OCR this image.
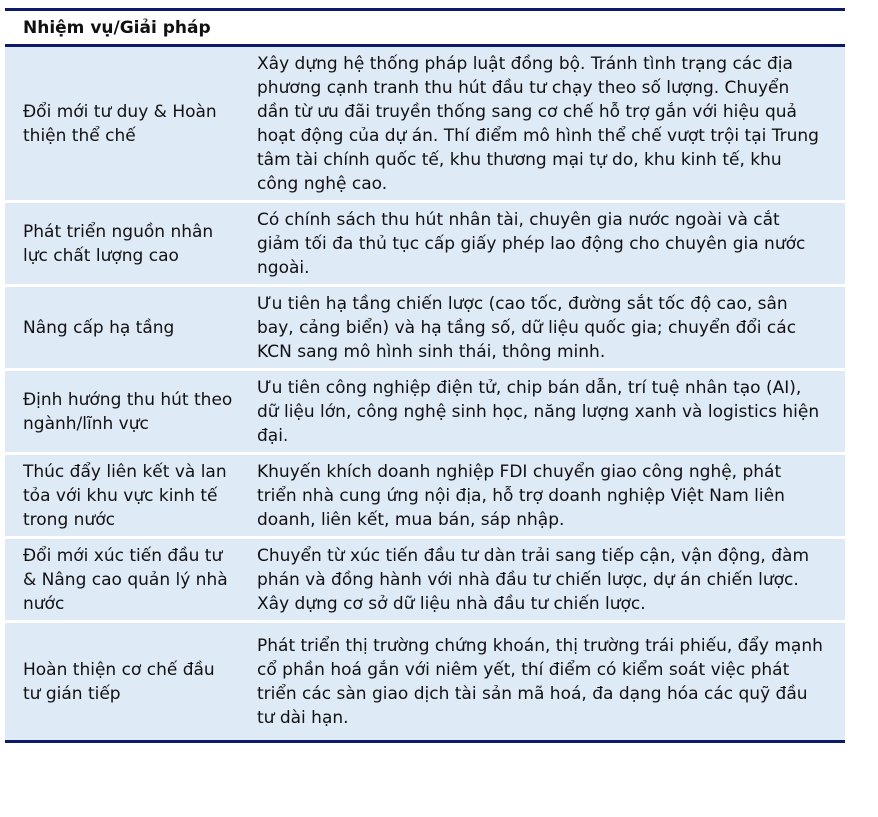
Nhiệm vụ/Giải pháp	
Đổi mới tư duy & Hoàn thiện thể chế	Xây dựng hệ thống pháp luật đồng bộ. Tránh tình trạng các địa phương cạnh tranh thu hút đầu tư chạy theo số lượng. Chuyển dần từ ưu đãi truyền thống sang cơ chế hỗ trợ gắn với hiệu quả hoạt động của dự án. Thí điểm mô hình thể chế vượt trội tại Trung tâm tài chính quốc tế, khu thương mại tự do, khu kinh tế, khu công nghệ cao.
Phát triển nguồn nhân lực chất lượng cao	Có chính sách thu hút nhân tài, chuyên gia nước ngoài và cắt giảm tối đa thủ tục cấp giấy phép lao động cho chuyên gia nước ngoài.
Nâng cấp hạ tầng	Ưu tiên hạ tầng chiến lược (cao tốc, đường sắt tốc độ cao, sân bay, cảng biển) và hạ tầng số, dữ liệu quốc gia; chuyển đổi các KCN sang mô hình sinh thái, thông minh.
Định hướng thu hút theo ngành/lĩnh vực	Ưu tiên công nghiệp điện tử, chip bán dẫn, trí tuệ nhân tạo (AI), dữ liệu lớn, công nghệ sinh học, năng lượng xanh và logistics hiện đại.
Thúc đẩy liên kết và lan tỏa với khu vực kinh tế trong nước	Khuyến khích doanh nghiệp FDI chuyển giao công nghệ, phát triển nhà cung ứng nội địa, hỗ trợ doanh nghiệp Việt Nam liên doanh, liên kết, mua bán, sáp nhập.
Đổi mới xúc tiến đầu tư & Nâng cao quản lý nhà nước	Chuyển từ xúc tiến đầu tư dàn trải sang tiếp cận, vận động, đàm phán và đồng hành với nhà đầu tư chiến lược, dự án chiến lược. Xây dựng cơ sở dữ liệu nhà đầu tư chiến lược.
Hoàn thiện cơ chế đầu tư gián tiếp	Phát triển thị trường chứng khoán, thị trường trái phiếu, đẩy mạnh cổ phần hoá gắn với niêm yết, thí điểm có kiểm soát việc phát triển các sàn giao dịch tài sản mã hoá, đa dạng hóa các quỹ đầu tư dài hạn.
